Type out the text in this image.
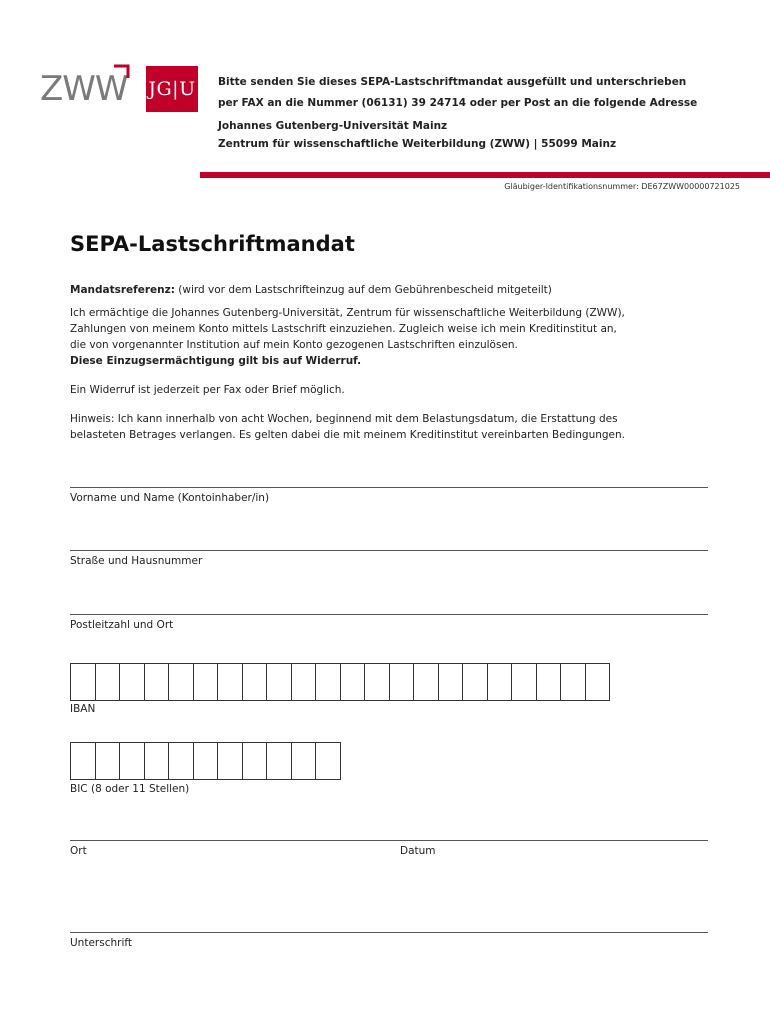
ZWW JG|U Bitte senden Sie dieses SEPA-Lastschriftmandat ausgefüllt und unterschrieben
per FAX an die Nummer (06131) 39 24714 oder per Post an die folgende Adresse
Johannes Gutenberg-Universität Mainz
Zentrum für wissenschaftliche Weiterbildung (ZWW) | 55099 Mainz
Gläubiger-Identifikationsnummer: DE67ZWW00000721025
SEPA-Lastschriftmandat
Mandatsreferenz: (wird vor dem Lastschrifteinzug auf dem Gebührenbescheid mitgeteilt)
Ich ermächtige die Johannes Gutenberg-Universität, Zentrum für wissenschaftliche Weiterbildung (ZWW),
Zahlungen von meinem Konto mittels Lastschrift einzuziehen. Zugleich weise ich mein Kreditinstitut an,
die von vorgenannter Institution auf mein Konto gezogenen Lastschriften einzulösen.
Diese Einzugsermächtigung gilt bis auf Widerruf.
Ein Widerruf ist jederzeit per Fax oder Brief möglich.
Hinweis: Ich kann innerhalb von acht Wochen, beginnend mit dem Belastungsdatum, die Erstattung des
belasteten Betrages verlangen. Es gelten dabei die mit meinem Kreditinstitut vereinbarten Bedingungen.
Vorname und Name (Kontoinhaber/in)
Straße und Hausnummer
Postleitzahl und Ort
IBAN
BIC (8 oder 11 Stellen)
Ort	Datum
Unterschrift
